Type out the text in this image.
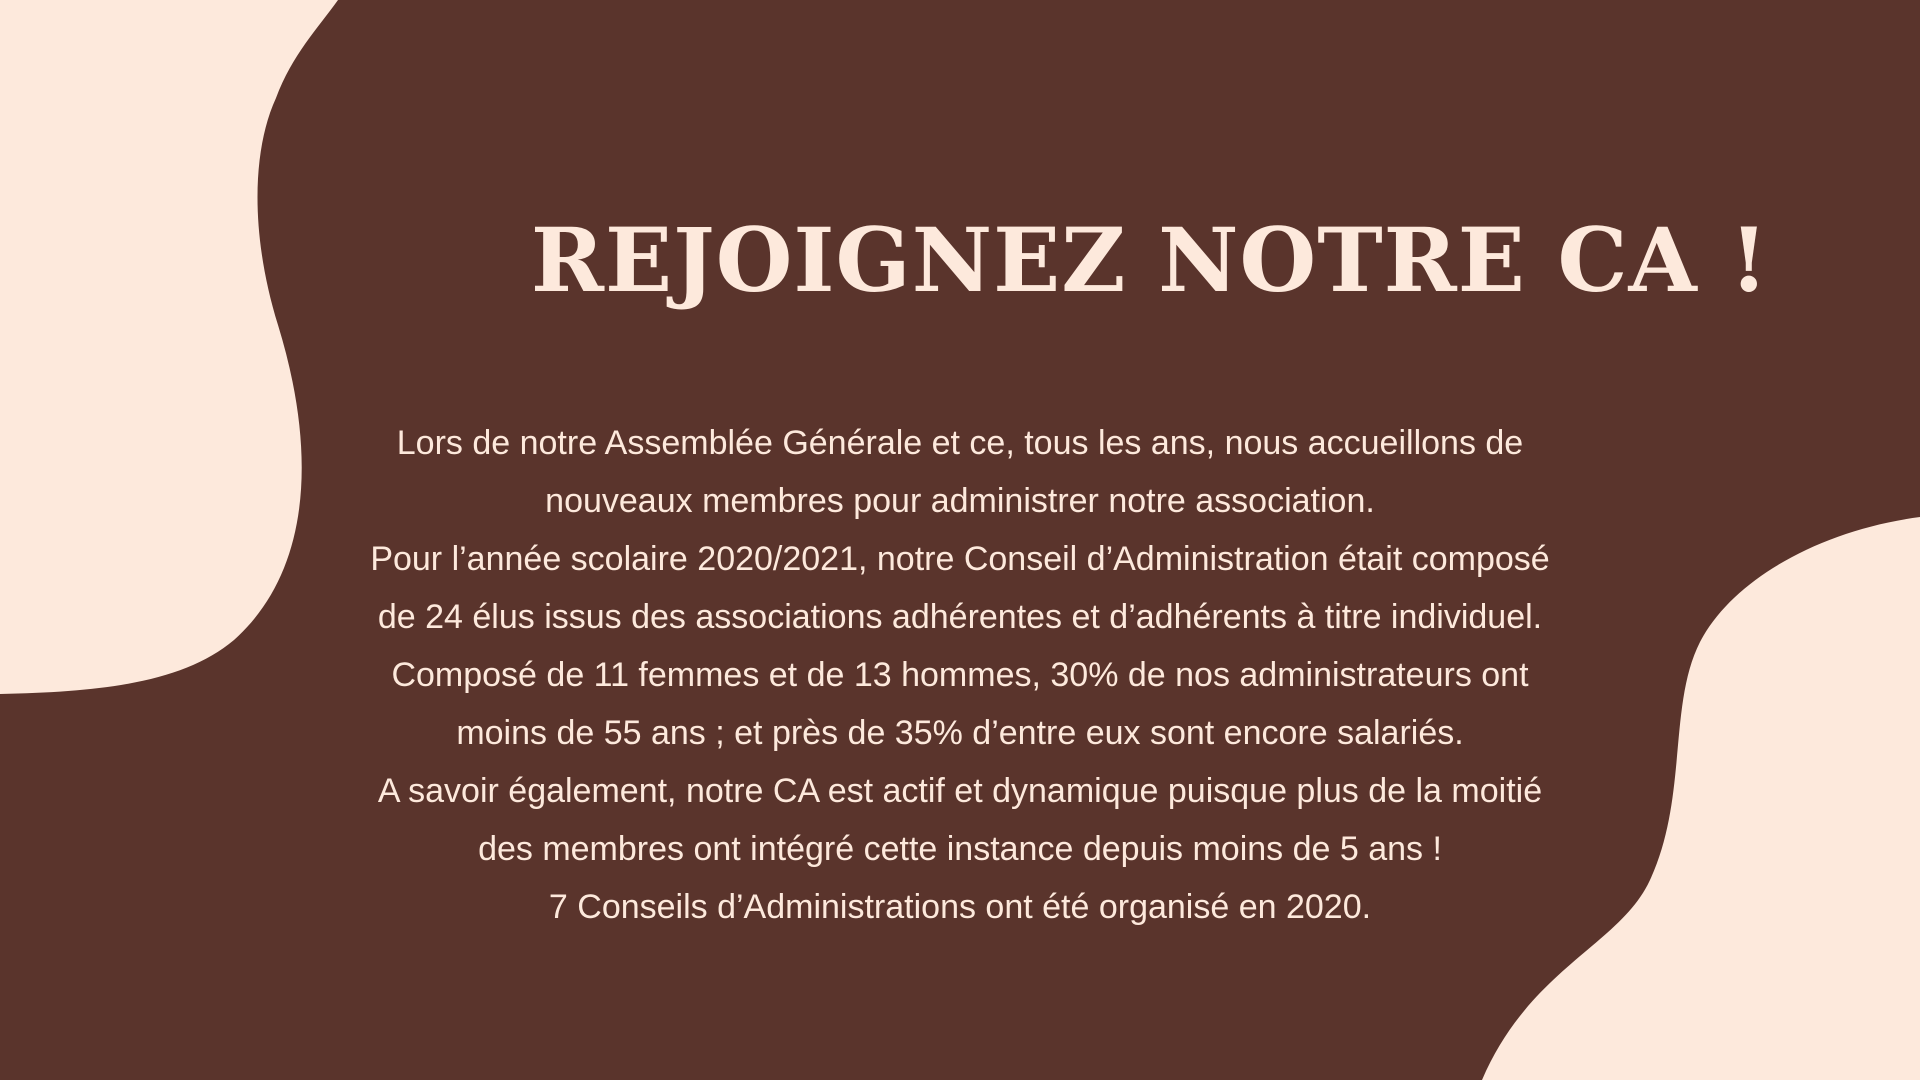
REJOIGNEZ NOTRE CA !

Lors de notre Assemblée Générale et ce, tous les ans, nous accueillons de nouveaux membres pour administrer notre association.

Pour l’année scolaire 2020/2021, notre Conseil d’Administration était composé de 24 élus issus des associations adhérentes et d’adhérents à titre individuel. Composé de 11 femmes et de 13 hommes, 30% de nos administrateurs ont moins de 55 ans ; et près de 35% d’entre eux sont encore salariés.

A savoir également, notre CA est actif et dynamique puisque plus de la moitié des membres ont intégré cette instance depuis moins de 5 ans !

7 Conseils d’Administrations ont été organisé en 2020.
